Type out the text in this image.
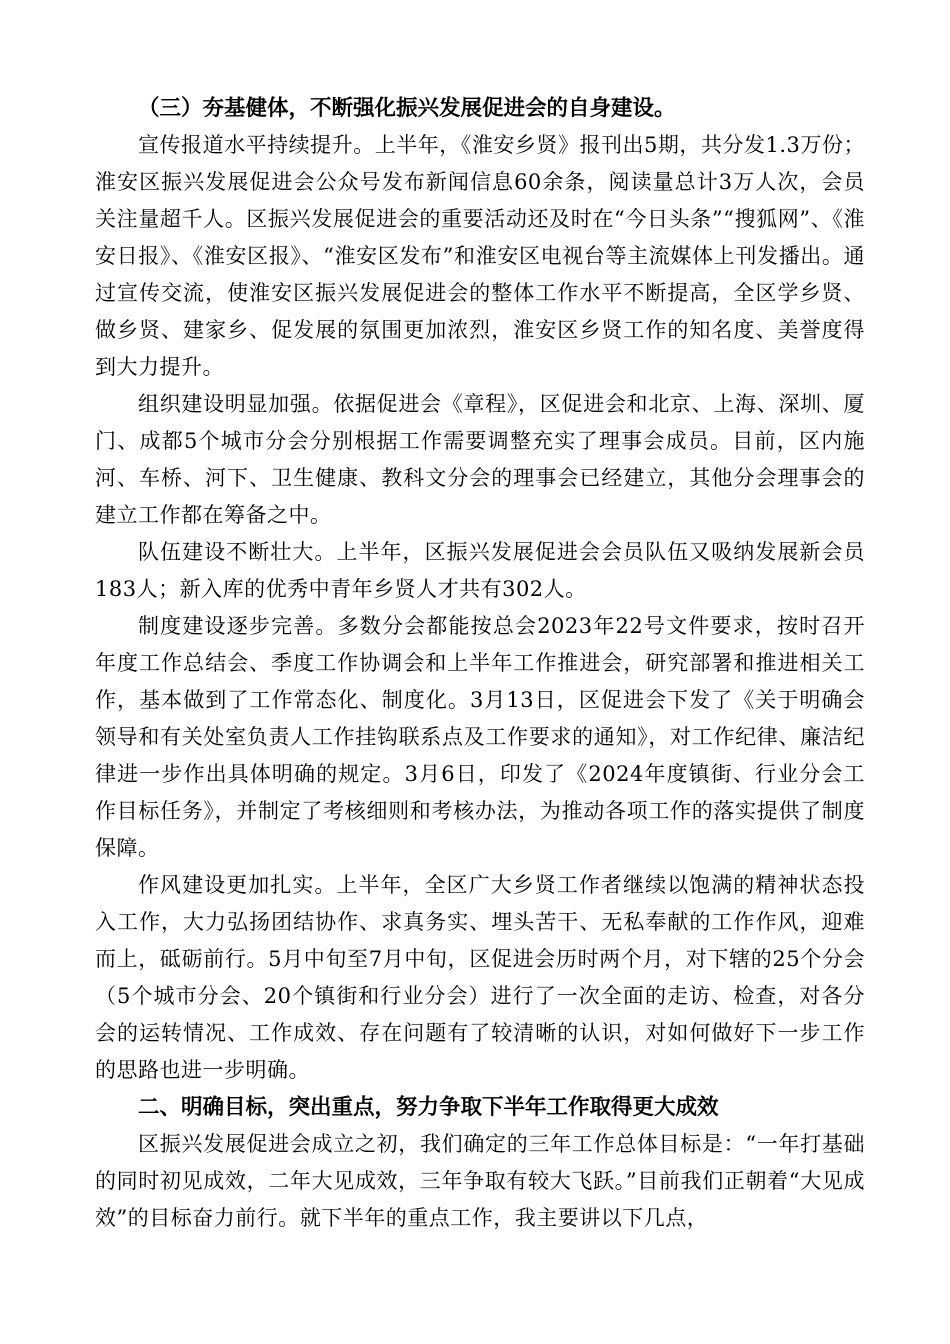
（三）夯基健体，不断强化振兴发展促进会的自身建设。

宣传报道水平持续提升。上半年，《淮安乡贤》报刊出5期，共分发1.3万份；淮安区振兴发展促进会公众号发布新闻信息60余条，阅读量总计3万人次，会员关注量超千人。区振兴发展促进会的重要活动还及时在“今日头条”“搜狐网”、《淮安日报》、《淮安区报》、“淮安区发布”和淮安区电视台等主流媒体上刊发播出。通过宣传交流，使淮安区振兴发展促进会的整体工作水平不断提高，全区学乡贤、做乡贤、建家乡、促发展的氛围更加浓烈，淮安区乡贤工作的知名度、美誉度得到大力提升。

组织建设明显加强。依据促进会《章程》，区促进会和北京、上海、深圳、厦门、成都5个城市分会分别根据工作需要调整充实了理事会成员。目前，区内施河、车桥、河下、卫生健康、教科文分会的理事会已经建立，其他分会理事会的建立工作都在筹备之中。

队伍建设不断壮大。上半年，区振兴发展促进会会员队伍又吸纳发展新会员183人；新入库的优秀中青年乡贤人才共有302人。

制度建设逐步完善。多数分会都能按总会2023年22号文件要求，按时召开年度工作总结会、季度工作协调会和上半年工作推进会，研究部署和推进相关工作，基本做到了工作常态化、制度化。3月13日，区促进会下发了《关于明确会领导和有关处室负责人工作挂钩联系点及工作要求的通知》，对工作纪律、廉洁纪律进一步作出具体明确的规定。3月6日，印发了《2024年度镇街、行业分会工作目标任务》，并制定了考核细则和考核办法，为推动各项工作的落实提供了制度保障。

作风建设更加扎实。上半年，全区广大乡贤工作者继续以饱满的精神状态投入工作，大力弘扬团结协作、求真务实、埋头苦干、无私奉献的工作作风，迎难而上，砥砺前行。5月中旬至7月中旬，区促进会历时两个月，对下辖的25个分会（5个城市分会、20个镇街和行业分会）进行了一次全面的走访、检查，对各分会的运转情况、工作成效、存在问题有了较清晰的认识，对如何做好下一步工作的思路也进一步明确。

二、明确目标，突出重点，努力争取下半年工作取得更大成效

区振兴发展促进会成立之初，我们确定的三年工作总体目标是：“一年打基础的同时初见成效，二年大见成效，三年争取有较大飞跃。”目前我们正朝着“大见成效”的目标奋力前行。就下半年的重点工作，我主要讲以下几点，
